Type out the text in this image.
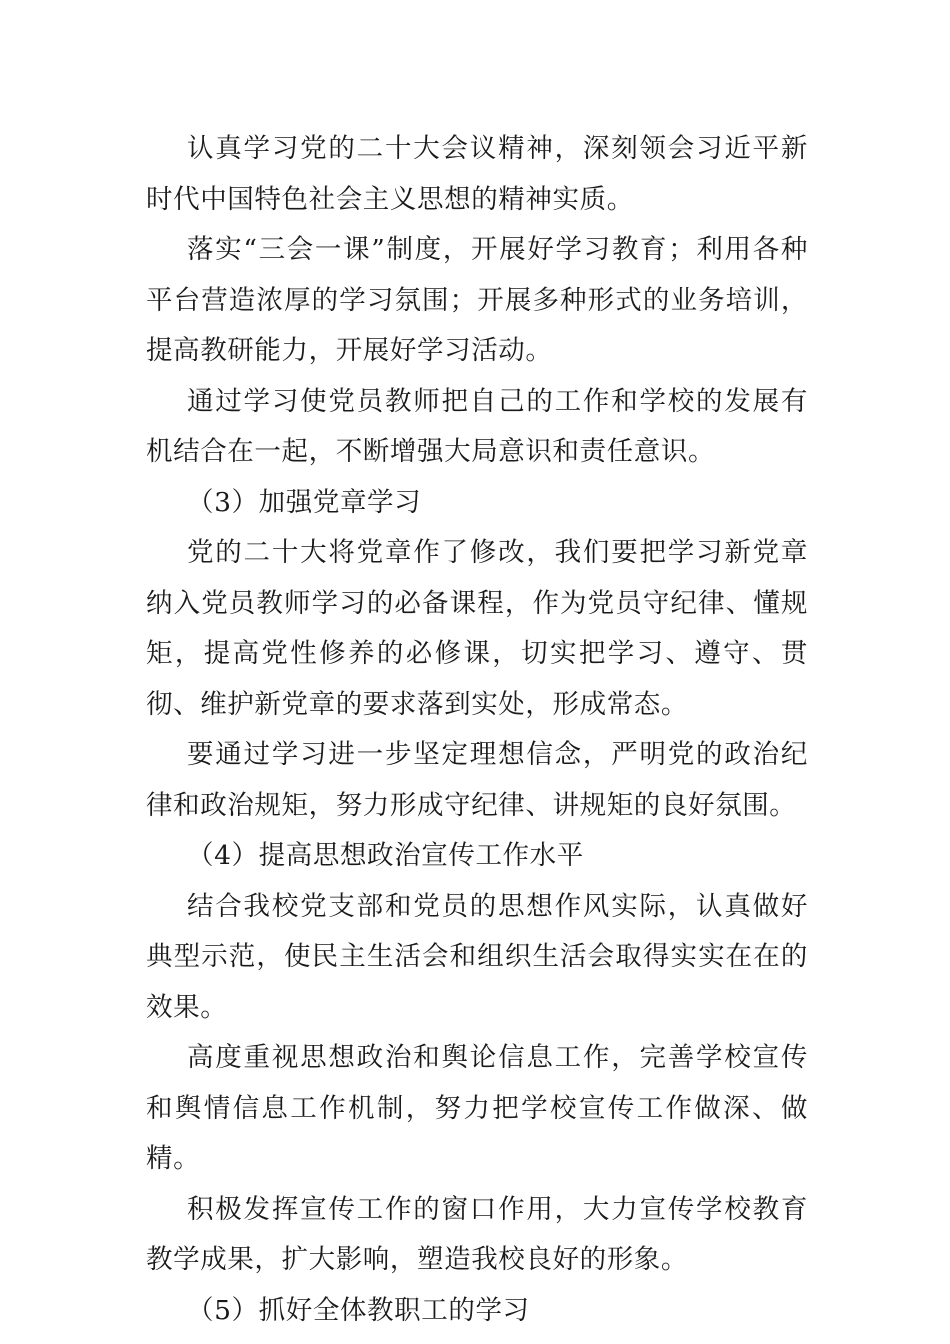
认真学习党的二十大会议精神，深刻领会习近平新时代中国特色社会主义思想的精神实质。

落实“三会一课”制度，开展好学习教育；利用各种平台营造浓厚的学习氛围；开展多种形式的业务培训，提高教研能力，开展好学习活动。

通过学习使党员教师把自己的工作和学校的发展有机结合在一起，不断增强大局意识和责任意识。

（3）加强党章学习

党的二十大将党章作了修改，我们要把学习新党章纳入党员教师学习的必备课程，作为党员守纪律、懂规矩，提高党性修养的必修课，切实把学习、遵守、贯彻、维护新党章的要求落到实处，形成常态。

要通过学习进一步坚定理想信念，严明党的政治纪律和政治规矩，努力形成守纪律、讲规矩的良好氛围。

（4）提高思想政治宣传工作水平

结合我校党支部和党员的思想作风实际，认真做好典型示范，使民主生活会和组织生活会取得实实在在的效果。

高度重视思想政治和舆论信息工作，完善学校宣传和舆情信息工作机制，努力把学校宣传工作做深、做精。

积极发挥宣传工作的窗口作用，大力宣传学校教育教学成果，扩大影响，塑造我校良好的形象。

（5）抓好全体教职工的学习
